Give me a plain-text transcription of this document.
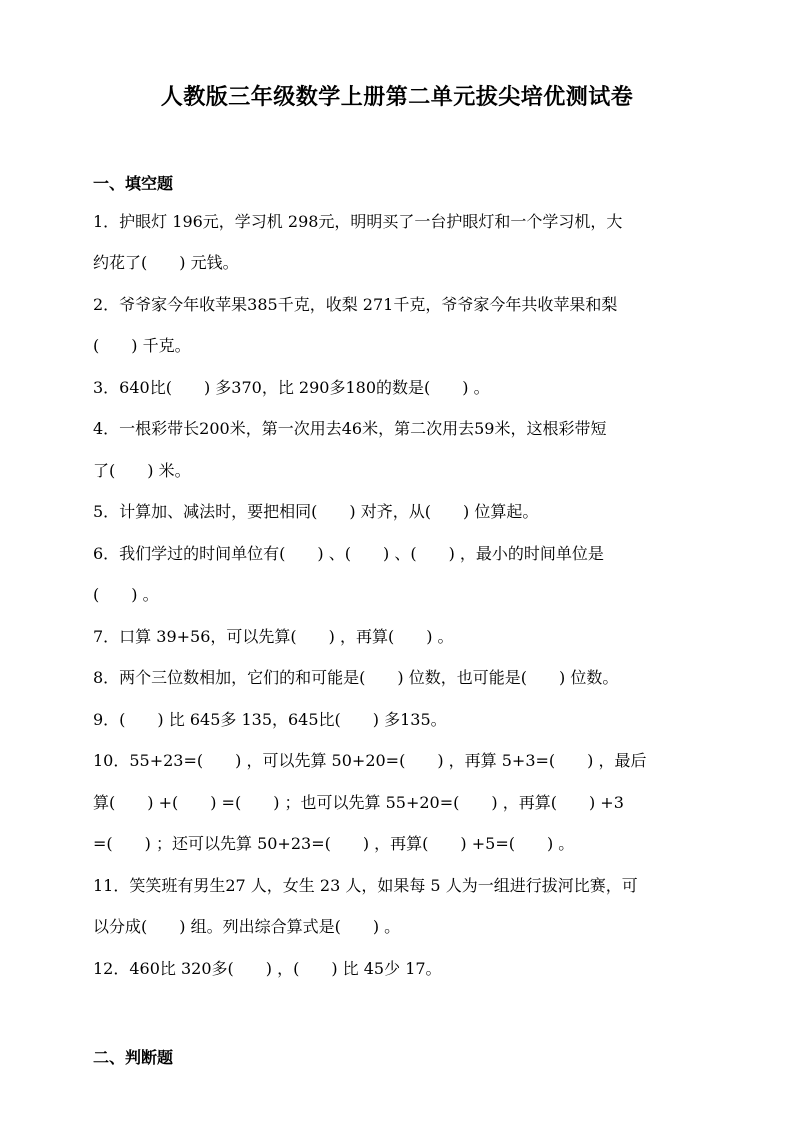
人教版三年级数学上册第二单元拔尖培优测试卷
一、填空题
1．护眼灯 196元，学习机 298元，明明买了一台护眼灯和一个学习机，大
约花了(　　) 元钱。
2．爷爷家今年收苹果385千克，收梨 271千克，爷爷家今年共收苹果和梨
(　　) 千克。
3．640比(　　) 多370，比 290多180的数是(　　) 。
4．一根彩带长200米，第一次用去46米，第二次用去59米，这根彩带短
了(　　) 米。
5．计算加、减法时，要把相同(　　) 对齐，从(　　) 位算起。
6．我们学过的时间单位有(　　) 、(　　) 、(　　) ，最小的时间单位是
(　　) 。
7．口算 39+56，可以先算(　　) ，再算(　　) 。
8．两个三位数相加，它们的和可能是(　　) 位数，也可能是(　　) 位数。
9．(　　) 比 645多 135，645比(　　) 多135。
10．55+23=(　　) ，可以先算 50+20=(　　) ，再算 5+3=(　　) ，最后
算(　　) +(　　) =(　　) ；也可以先算 55+20=(　　) ，再算(　　) +3
=(　　) ；还可以先算 50+23=(　　) ，再算(　　) +5=(　　) 。
11．笑笑班有男生27 人，女生 23 人，如果每 5 人为一组进行拔河比赛，可
以分成(　　) 组。列出综合算式是(　　) 。
12．460比 320多(　　) ，(　　) 比 45少 17。
二、判断题
